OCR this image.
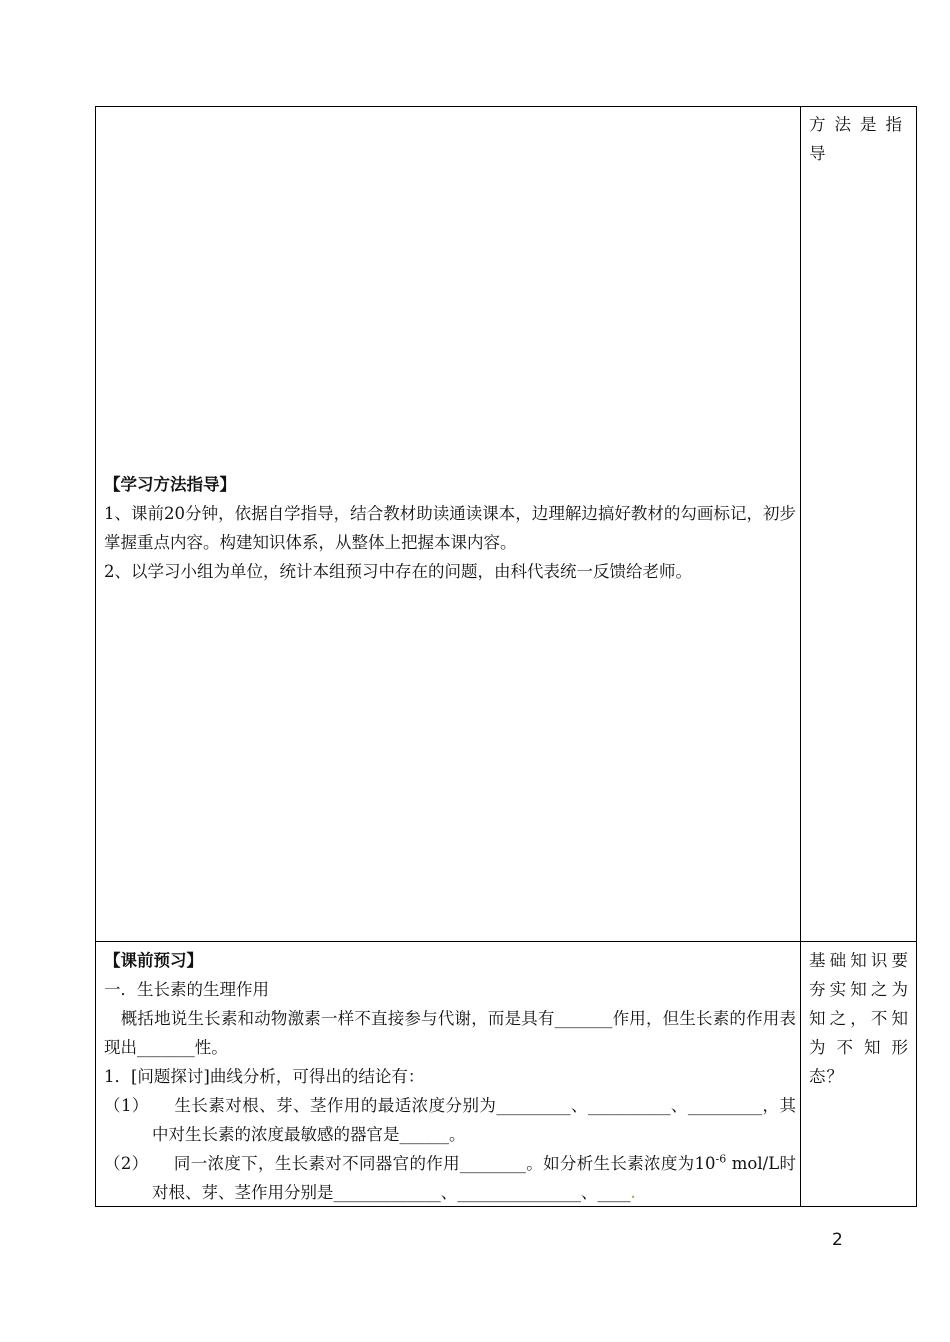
方法是指导
【学习方法指导】
1、课前20分钟，依据自学指导，结合教材助读通读课本，边理解边搞好教材的勾画标记，初步掌握重点内容。构建知识体系，从整体上把握本课内容。
2、以学习小组为单位，统计本组预习中存在的问题，由科代表统一反馈给老师。
基础知识要夯实知之为知之，不知为不知形态？
【课前预习】
一．生长素的生理作用
　概括地说生长素和动物激素一样不直接参与代谢，而是具有_______作用，但生长素的作用表现出_______性。
1．[问题探讨]曲线分析，可得出的结论有：
（1）　　生长素对根、芽、茎作用的最适浓度分别为_________、__________、_________，其中对生长素的浓度最敏感的器官是______。
（2）　　同一浓度下，生长素对不同器官的作用________。如分析生长素浓度为$10^{-6}$ mol/L时对根、芽、茎作用分别是_____________、_______________、____.
2
